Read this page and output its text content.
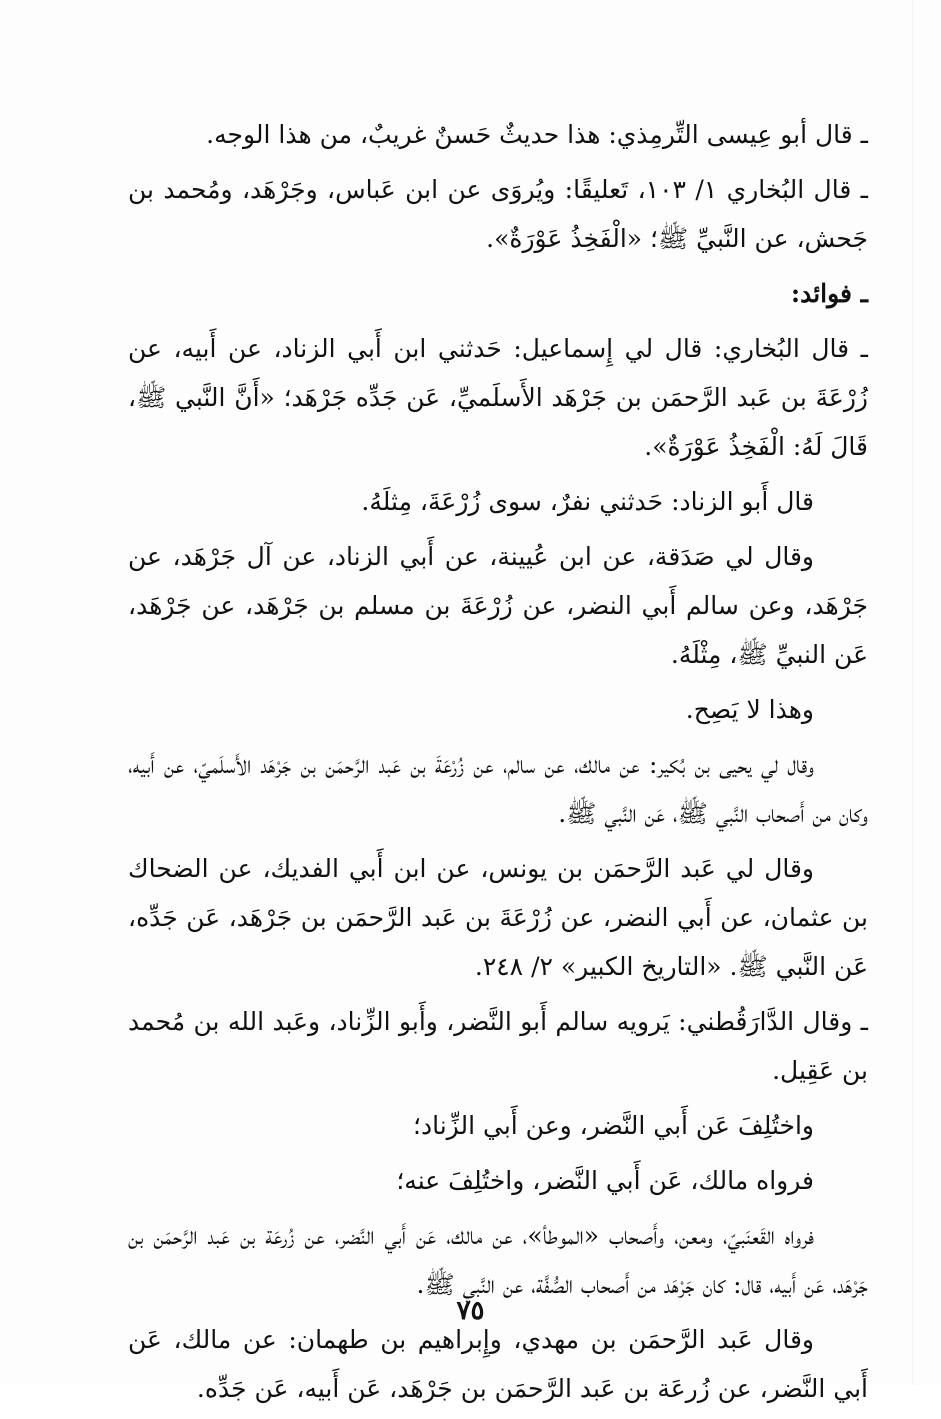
ـ قال أبو عِيسى التِّرمِذي: هذا حديثٌ حَسنٌ غريبٌ، من هذا الوجه.

ـ قال البُخاري ١/ ١٠٣، تَعليقًا: ويُروَى عن ابن عَباس، وجَرْهَد، ومُحمد بن جَحش، عن النَّبيِّ ﷺ؛ «الْفَخِذُ عَوْرَةٌ».

ـ فوائد:

ـ قال البُخاري: قال لي إِسماعيل: حَدثني ابن أَبي الزناد، عن أَبيه، عن زُرْعَةَ بن عَبد الرَّحمَن بن جَرْهَد الأَسلَميِّ، عَن جَدِّه جَرْهَد؛ «أَنَّ النَّبي ﷺ، قَالَ لَهُ: الْفَخِذُ عَوْرَةٌ».

قال أَبو الزناد: حَدثني نفرٌ، سوى زُرْعَةَ، مِثلَهُ.

وقال لي صَدَقة، عن ابن عُيينة، عن أَبي الزناد، عن آل جَرْهَد، عن جَرْهَد، وعن سالم أَبي النضر، عن زُرْعَةَ بن مسلم بن جَرْهَد، عن جَرْهَد، عَن النبيِّ ﷺ، مِثْلَهُ.

وهذا لا يَصِح.

وقال لي يحيى بن بُكير: عن مالك، عن سالم، عن زُرْعَةَ بن عَبد الرَّحمَن بن جَرْهَد الأَسلَميّ، عن أَبيه، وكان من أَصحاب النَّبي ﷺ، عَن النَّبي ﷺ.

وقال لي عَبد الرَّحمَن بن يونس، عن ابن أَبي الفديك، عن الضحاك بن عثمان، عن أَبي النضر، عن زُرْعَةَ بن عَبد الرَّحمَن بن جَرْهَد، عَن جَدِّه، عَن النَّبي ﷺ. «التاريخ الكبير» ٢/ ٢٤٨.

ـ وقال الدَّارَقُطني: يَرويه سالم أَبو النَّضر، وأَبو الزِّناد، وعَبد الله بن مُحمد بن عَقِيل.

واختُلِفَ عَن أَبي النَّضر، وعن أَبي الزِّناد؛

فرواه مالك، عَن أَبي النَّضر، واختُلِفَ عنه؛

فرواه القَعنَبيّ، ومعن، وأَصحاب «الموطأ»، عن مالك، عَن أَبي النَّضر، عن زُرعَة بن عَبد الرَّحمَن بن جَرْهَد، عَن أَبيه، قال: كان جَرْهَد من أَصحاب الصُّفَّة، عن النَّبي ﷺ.

وقال عَبد الرَّحمَن بن مهدي، وإِبراهيم بن طهمان: عن مالك، عَن أَبي النَّضر، عن زُرعَة بن عَبد الرَّحمَن بن جَرْهَد، عَن أَبيه، عَن جَدِّه.

٧٥
